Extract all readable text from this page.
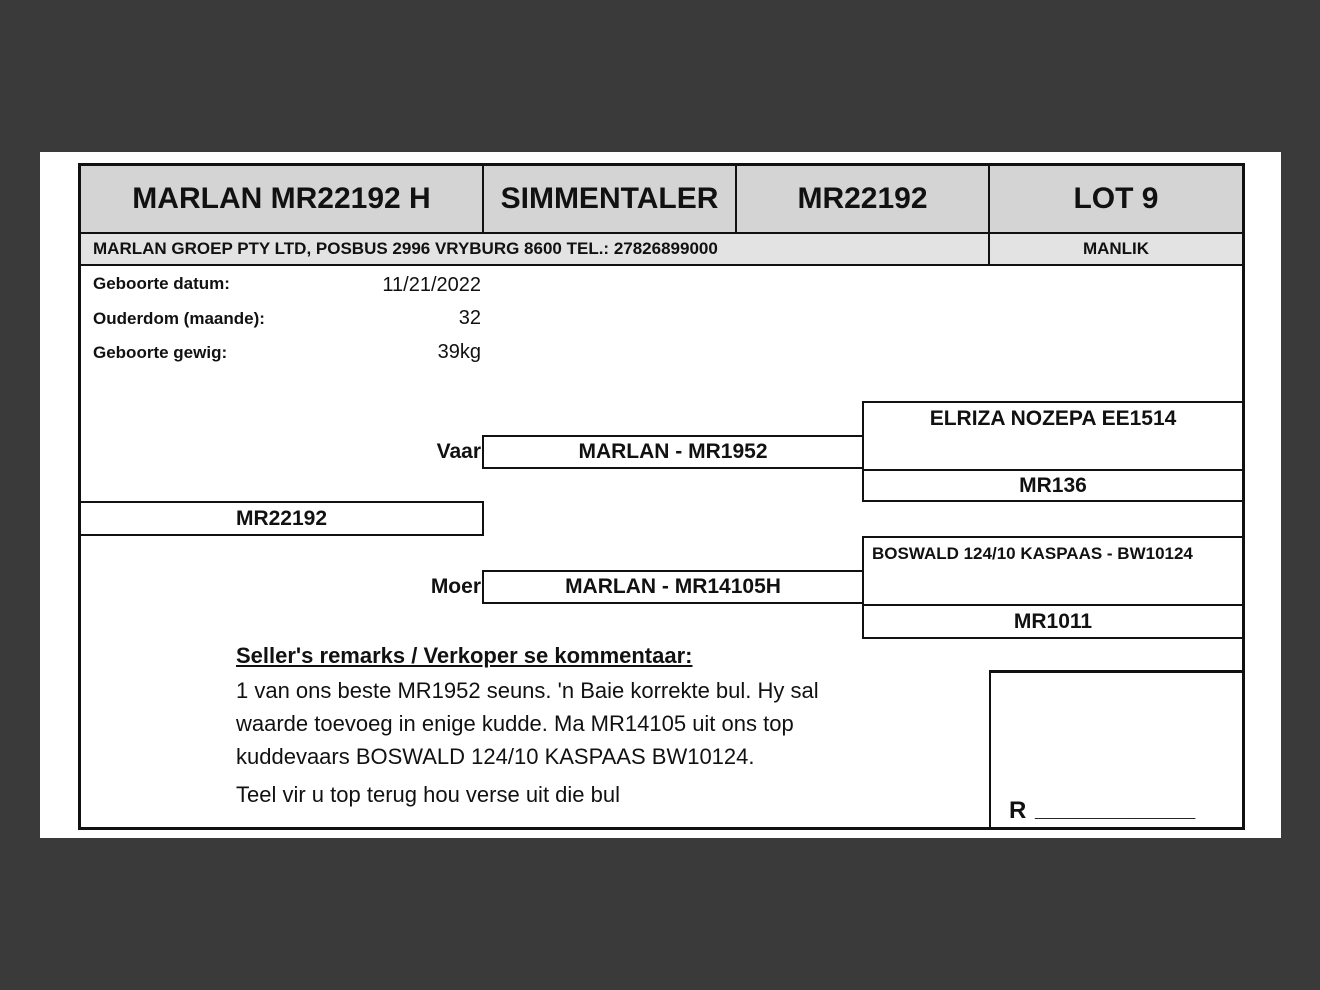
MARLAN MR22192 H	SIMMENTALER	MR22192	LOT 9
MARLAN GROEP PTY LTD, POSBUS 2996 VRYBURG 8600 TEL.: 27826899000	MANLIK
Geboorte datum:	11/21/2022
Ouderdom (maande):	32
Geboorte gewig:	39kg
ELRIZA NOZEPA EE1514
Vaar	MARLAN - MR1952
MR136
MR22192
BOSWALD 124/10 KASPAAS - BW10124
Moer	MARLAN - MR14105H
MR1011
Seller's remarks / Verkoper se kommentaar:
1 van ons beste MR1952 seuns. 'n Baie korrekte bul. Hy sal
waarde toevoeg in enige kudde. Ma MR14105 uit ons top
kuddevaars BOSWALD 124/10 KASPAAS BW10124.
Teel vir u top terug hou verse uit die bul
R ____________
